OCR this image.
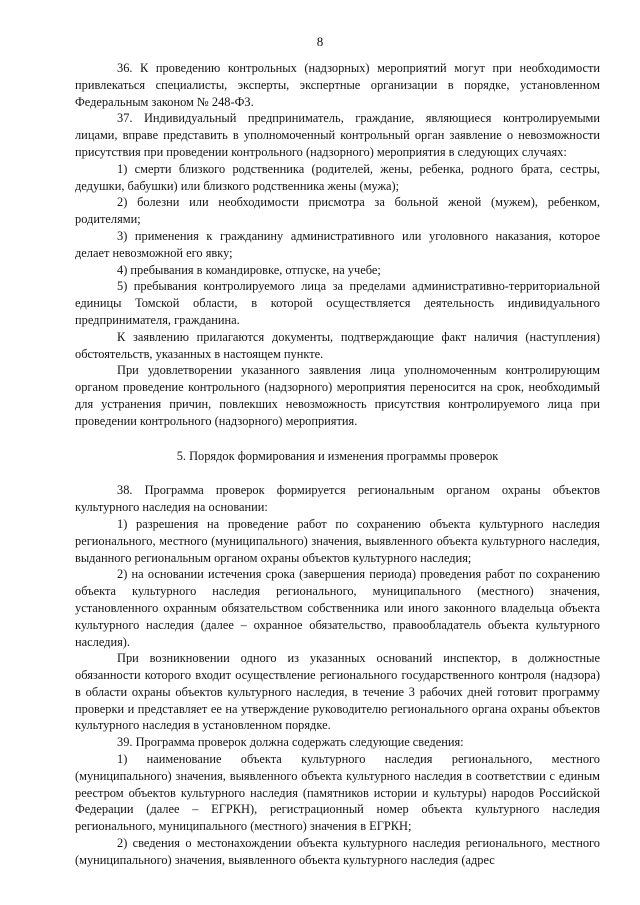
8

36. К проведению контрольных (надзорных) мероприятий могут при необходимости привлекаться специалисты, эксперты, экспертные организации в порядке, установленном Федеральным законом № 248-ФЗ.

37. Индивидуальный предприниматель, граждание, являющиеся контролируемыми лицами, вправе представить в уполномоченный контрольный орган заявление о невозможности присутствия при проведении контрольного (надзорного) мероприятия в следующих случаях:

1) смерти близкого родственника (родителей, жены, ребенка, родного брата, сестры, дедушки, бабушки) или близкого родственника жены (мужа);

2) болезни или необходимости присмотра за больной женой (мужем), ребенком, родителями;

3) применения к гражданину административного или уголовного наказания, которое делает невозможной его явку;

4) пребывания в командировке, отпуске, на учебе;

5) пребывания контролируемого лица за пределами административно-территориальной единицы Томской области, в которой осуществляется деятельность индивидуального предпринимателя, гражданина.

К заявлению прилагаются документы, подтверждающие факт наличия (наступления) обстоятельств, указанных в настоящем пункте.

При удовлетворении указанного заявления лица уполномоченным контролирующим органом проведение контрольного (надзорного) мероприятия переносится на срок, необходимый для устранения причин, повлекших невозможность присутствия контролируемого лица при проведении контрольного (надзорного) мероприятия.

5. Порядок формирования и изменения программы проверок

38. Программа проверок формируется региональным органом охраны объектов культурного наследия на основании:

1) разрешения на проведение работ по сохранению объекта культурного наследия регионального, местного (муниципального) значения, выявленного объекта культурного наследия, выданного региональным органом охраны объектов культурного наследия;

2) на основании истечения срока (завершения периода) проведения работ по сохранению объекта культурного наследия регионального, муниципального (местного) значения, установленного охранным обязательством собственника или иного законного владельца объекта культурного наследия (далее – охранное обязательство, правообладатель объекта культурного наследия).

При возникновении одного из указанных оснований инспектор, в должностные обязанности которого входит осуществление регионального государственного контроля (надзора) в области охраны объектов культурного наследия, в течение 3 рабочих дней готовит программу проверки и представляет ее на утверждение руководителю регионального органа охраны объектов культурного наследия в установленном порядке.

39. Программа проверок должна содержать следующие сведения:

1) наименование объекта культурного наследия регионального, местного (муниципального) значения, выявленного объекта культурного наследия в соответствии с единым реестром объектов культурного наследия (памятников истории и культуры) народов Российской Федерации (далее – ЕГРКН), регистрационный номер объекта культурного наследия регионального, муниципального (местного) значения в ЕГРКН;

2) сведения о местонахождении объекта культурного наследия регионального, местного (муниципального) значения, выявленного объекта культурного наследия (адрес
